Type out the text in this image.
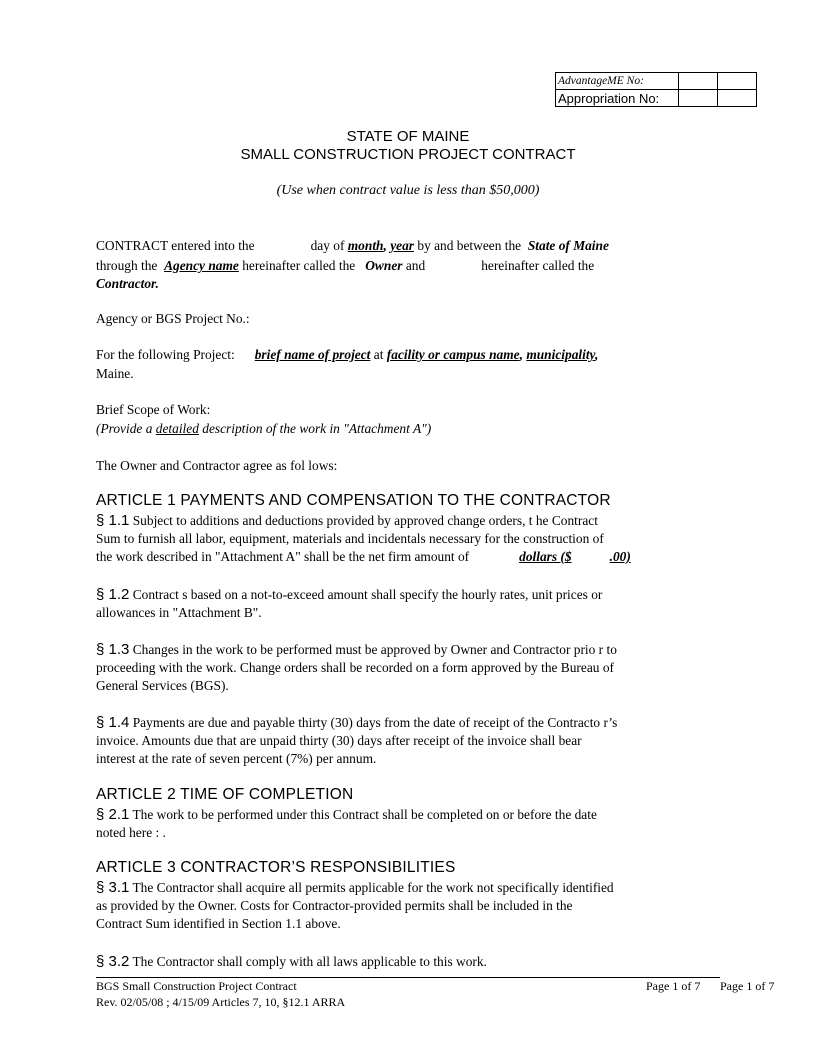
AdvantageME No:		
Appropriation No:		
STATE OF MAINE
SMALL CONSTRUCTION PROJECT CONTRACT
(Use when contract value is less than $50,000)
CONTRACT entered into the	day of month, year by and between the State of Maine
through the Agency name hereinafter called the Owner and	hereinafter called the
Contractor.
Agency or BGS Project No.:
For the following Project: brief name of project at facility or campus name, municipality,
Maine.
Brief Scope of Work:
(Provide a detailed description of the work in "Attachment A")
The Owner and Contractor agree as fol lows:
ARTICLE 1 PAYMENTS AND COMPENSATION TO THE CONTRACTOR
§ 1.1 Subject to additions and deductions provided by approved change orders, t he Contract
Sum to furnish all labor, equipment, materials and incidentals necessary for the construction of
the work described in "Attachment A" shall be the net firm amount of	dollars ($	.00)
§ 1.2 Contract s based on a not-to-exceed amount shall specify the hourly rates, unit prices or
allowances in "Attachment B".
§ 1.3 Changes in the work to be performed must be approved by Owner and Contractor prio r to
proceeding with the work. Change orders shall be recorded on a form approved by the Bureau of
General Services (BGS).
§ 1.4 Payments are due and payable thirty (30) days from the date of receipt of the Contracto r’s
invoice. Amounts due that are unpaid thirty (30) days after receipt of the invoice shall bear
interest at the rate of seven percent (7%) per annum.
ARTICLE 2 TIME OF COMPLETION
§ 2.1 The work to be performed under this Contract shall be completed on or before the date
noted here : .
ARTICLE 3 CONTRACTOR’S RESPONSIBILITIES
§ 3.1 The Contractor shall acquire all permits applicable for the work not specifically identified
as provided by the Owner. Costs for Contractor-provided permits shall be included in the
Contract Sum identified in Section 1.1 above.
§ 3.2 The Contractor shall comply with all laws applicable to this work.
BGS Small Construction Project Contract
Rev. 02/05/08 ; 4/15/09 Articles 7, 10, §12.1 ARRA
Page 1 of 7 Page 1 of 7
